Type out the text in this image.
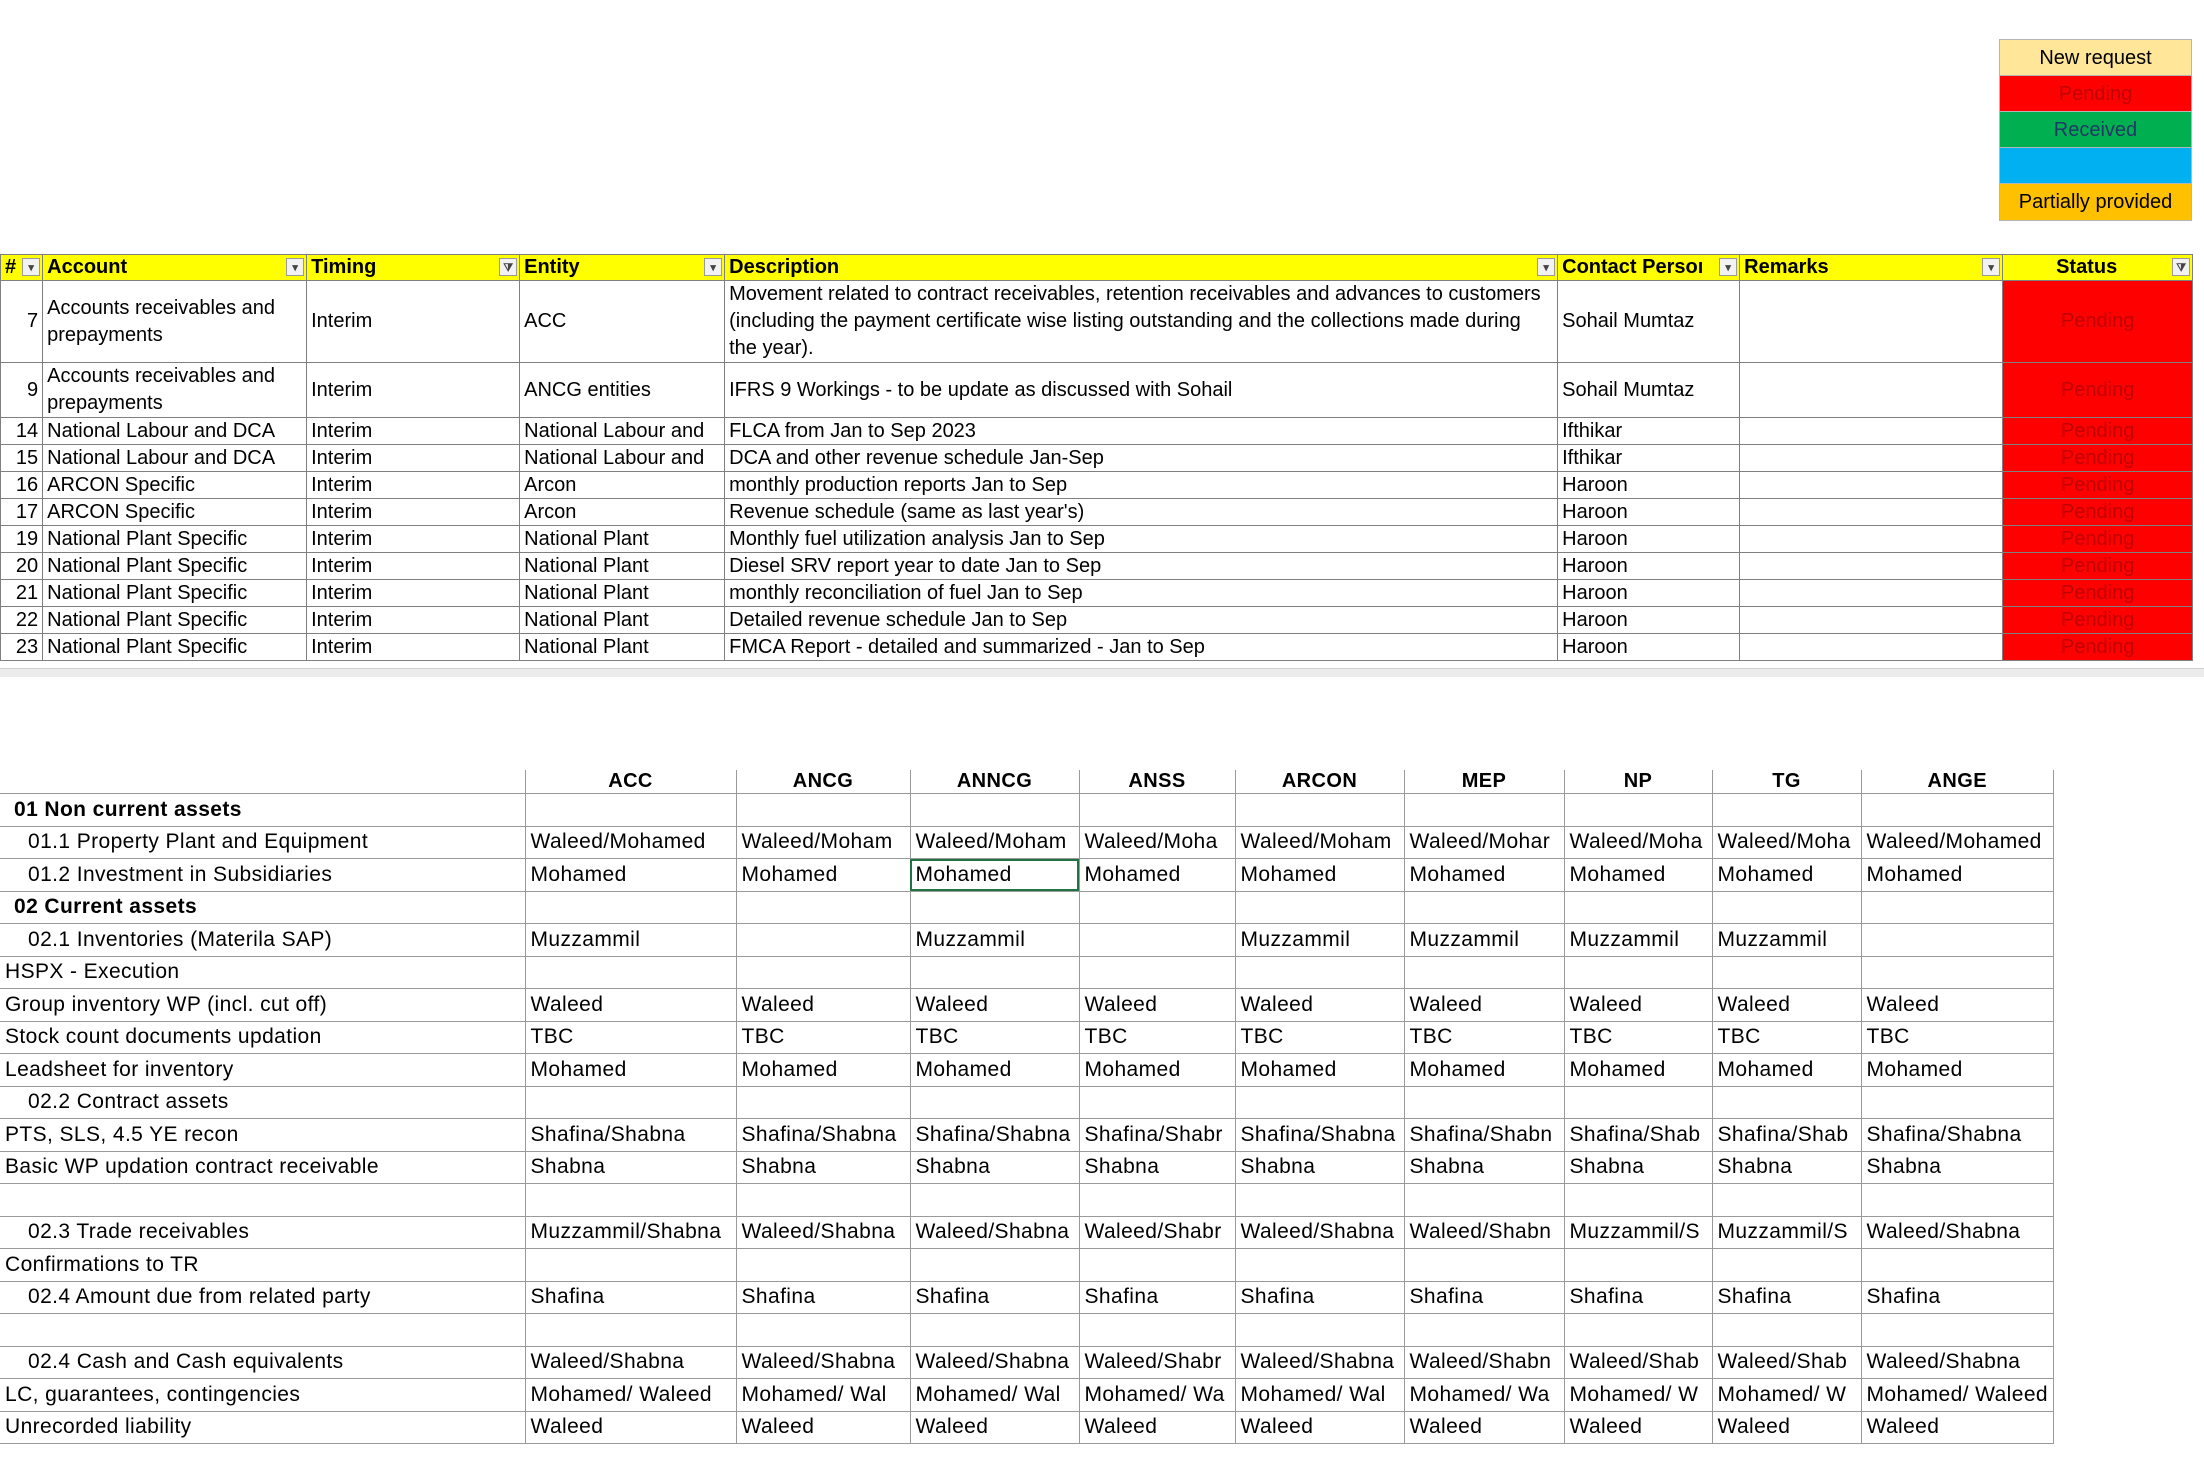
New request
Pending
Received
Partially provided
# ▾	Account ▾	Timing ⧩	Entity ▾	Description ▾	Contact Persoı ▾	Remarks ▾	Status ⧩

7	Accounts receivables and prepayments	Interim	ACC	Movement related to contract receivables, retention receivables and advances to customers (including the payment certificate wise listing outstanding and the collections made during the year).	Sohail Mumtaz		Pending
9	Accounts receivables and prepayments	Interim	ANCG entities	IFRS 9 Workings - to be update as discussed with Sohail	Sohail Mumtaz		Pending
14	National Labour and DCA	Interim	National Labour and	FLCA from Jan to Sep 2023	Ifthikar		Pending
15	National Labour and DCA	Interim	National Labour and	DCA and other revenue schedule Jan-Sep	Ifthikar		Pending
16	ARCON Specific	Interim	Arcon	monthly production reports Jan to Sep	Haroon		Pending
17	ARCON Specific	Interim	Arcon	Revenue schedule (same as last year's)	Haroon		Pending
19	National Plant Specific	Interim	National Plant	Monthly fuel utilization analysis Jan to Sep	Haroon		Pending
20	National Plant Specific	Interim	National Plant	Diesel SRV report year to date Jan to Sep	Haroon		Pending
21	National Plant Specific	Interim	National Plant	monthly reconciliation of fuel Jan to Sep	Haroon		Pending
22	National Plant Specific	Interim	National Plant	Detailed revenue schedule Jan to Sep	Haroon		Pending
23	National Plant Specific	Interim	National Plant	FMCA Report - detailed and summarized - Jan to Sep	Haroon		Pending
	ACC	ANCG	ANNCG	ANSS	ARCON	MEP	NP	TG	ANGE
01 Non current assets									
01.1 Property Plant and Equipment	Waleed/Mohamed	Waleed/Moham	Waleed/Moham	Waleed/Moha	Waleed/Moham	Waleed/Mohar	Waleed/Moha	Waleed/Moha	Waleed/Mohamed
01.2 Investment in Subsidiaries	Mohamed	Mohamed	Mohamed	Mohamed	Mohamed	Mohamed	Mohamed	Mohamed	Mohamed
02 Current assets									
02.1 Inventories (Materila SAP)	Muzzammil		Muzzammil		Muzzammil	Muzzammil	Muzzammil	Muzzammil	
HSPX - Execution									
Group inventory WP (incl. cut off)	Waleed	Waleed	Waleed	Waleed	Waleed	Waleed	Waleed	Waleed	Waleed
Stock count documents updation	TBC	TBC	TBC	TBC	TBC	TBC	TBC	TBC	TBC
Leadsheet for inventory	Mohamed	Mohamed	Mohamed	Mohamed	Mohamed	Mohamed	Mohamed	Mohamed	Mohamed
02.2 Contract assets									
PTS, SLS, 4.5 YE recon	Shafina/Shabna	Shafina/Shabna	Shafina/Shabna	Shafina/Shabr	Shafina/Shabna	Shafina/Shabn	Shafina/Shab	Shafina/Shab	Shafina/Shabna
Basic WP updation contract receivable	Shabna	Shabna	Shabna	Shabna	Shabna	Shabna	Shabna	Shabna	Shabna

02.3 Trade receivables	Muzzammil/Shabna	Waleed/Shabna	Waleed/Shabna	Waleed/Shabr	Waleed/Shabna	Waleed/Shabn	Muzzammil/S	Muzzammil/S	Waleed/Shabna
Confirmations to TR									
02.4 Amount due from related party	Shafina	Shafina	Shafina	Shafina	Shafina	Shafina	Shafina	Shafina	Shafina

02.4 Cash and Cash equivalents	Waleed/Shabna	Waleed/Shabna	Waleed/Shabna	Waleed/Shabr	Waleed/Shabna	Waleed/Shabn	Waleed/Shab	Waleed/Shab	Waleed/Shabna
LC, guarantees, contingencies	Mohamed/ Waleed	Mohamed/ Wal	Mohamed/ Wal	Mohamed/ Wa	Mohamed/ Wal	Mohamed/ Wa	Mohamed/ W	Mohamed/ W	Mohamed/ Waleed
Unrecorded liability	Waleed	Waleed	Waleed	Waleed	Waleed	Waleed	Waleed	Waleed	Waleed
